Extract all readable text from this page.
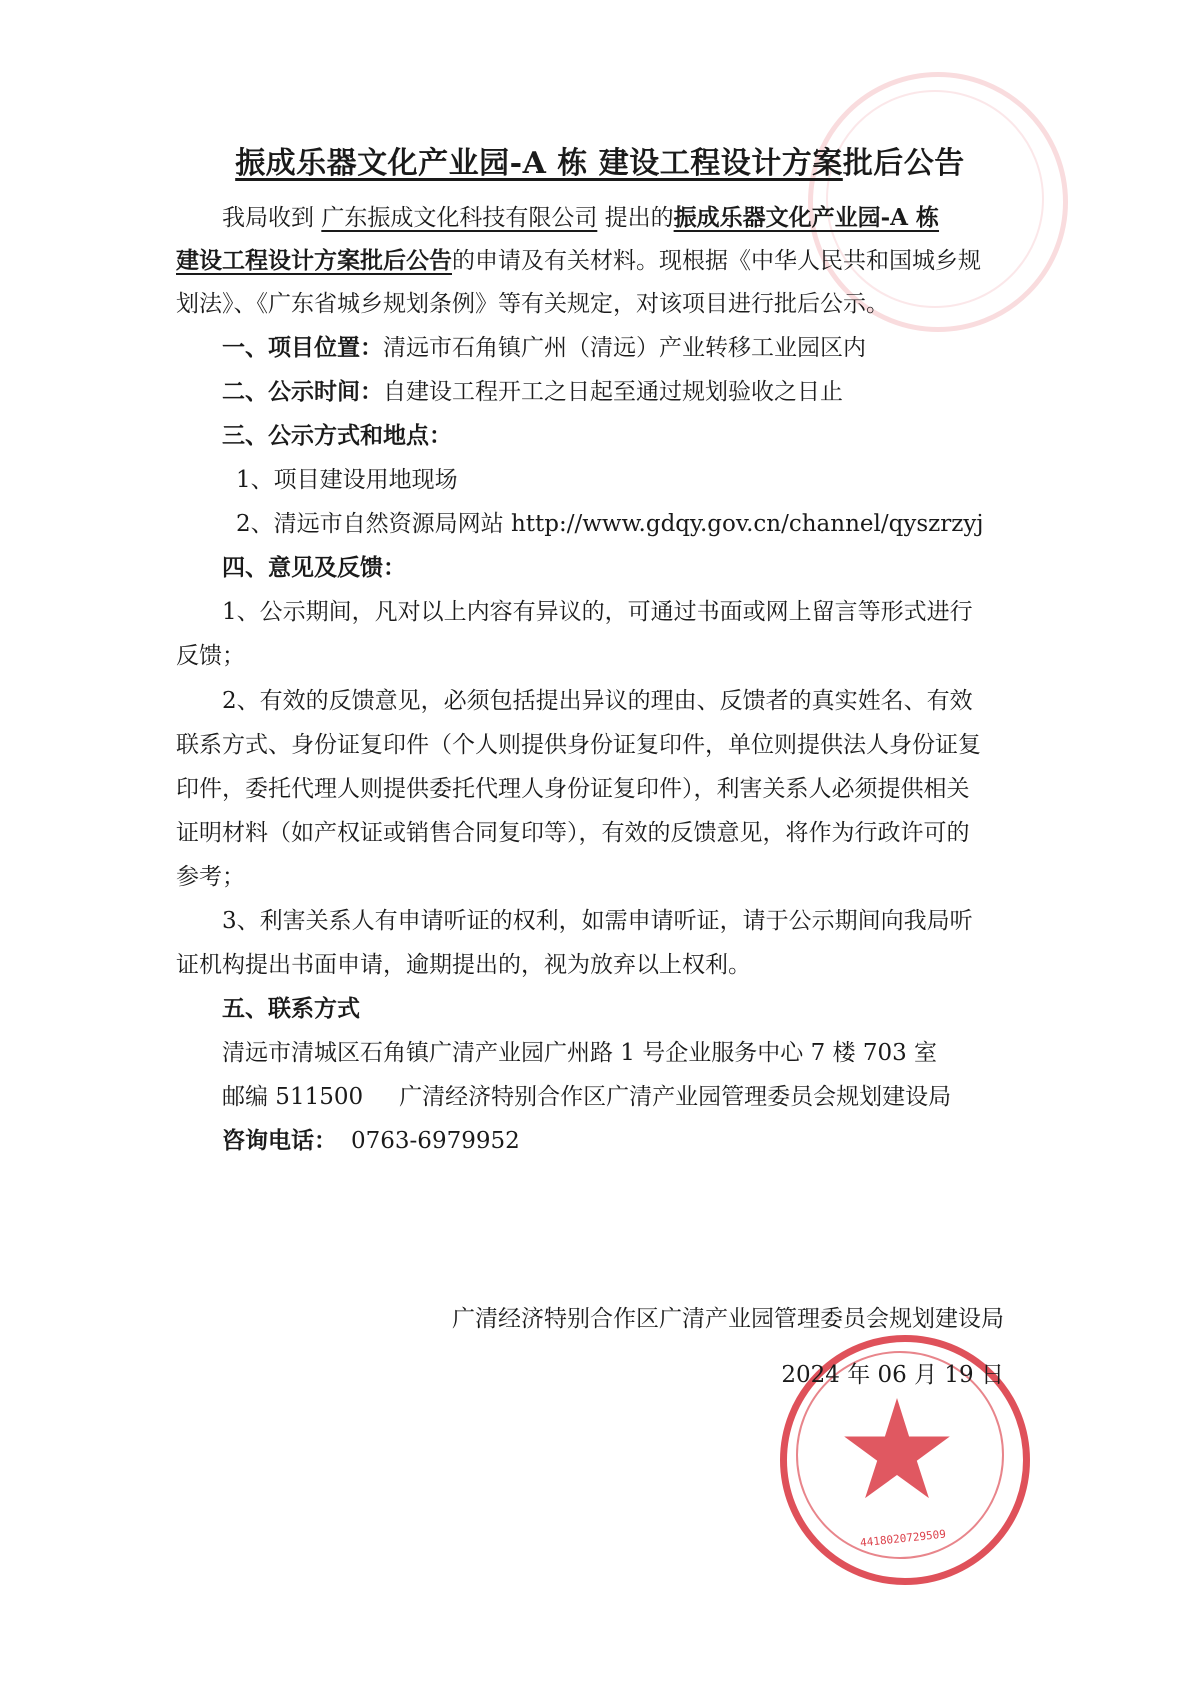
振成乐器文化产业园-A 栋 建设工程设计方案批后公告
我局收到 广东振成文化科技有限公司 提出的振成乐器文化产业园-A 栋
建设工程设计方案批后公告的申请及有关材料。现根据《中华人民共和国城乡规
划法》、《广东省城乡规划条例》等有关规定，对该项目进行批后公示。
一、项目位置：清远市石角镇广州（清远）产业转移工业园区内
二、公示时间：自建设工程开工之日起至通过规划验收之日止
三、公示方式和地点：
1、项目建设用地现场
2、清远市自然资源局网站 http://www.gdqy.gov.cn/channel/qyszrzyj
四、意见及反馈：
1、公示期间，凡对以上内容有异议的，可通过书面或网上留言等形式进行
反馈；
2、有效的反馈意见，必须包括提出异议的理由、反馈者的真实姓名、有效
联系方式、身份证复印件（个人则提供身份证复印件，单位则提供法人身份证复
印件，委托代理人则提供委托代理人身份证复印件），利害关系人必须提供相关
证明材料（如产权证或销售合同复印等），有效的反馈意见，将作为行政许可的
参考；
3、利害关系人有申请听证的权利，如需申请听证，请于公示期间向我局听
证机构提出书面申请，逾期提出的，视为放弃以上权利。
五、联系方式
清远市清城区石角镇广清产业园广州路 1 号企业服务中心 7 楼 703 室
邮编 511500 广清经济特别合作区广清产业园管理委员会规划建设局
咨询电话： 0763-6979952
4418020729509
广清经济特别合作区广清产业园管理委员会规划建设局
2024 年 06 月 19 日
